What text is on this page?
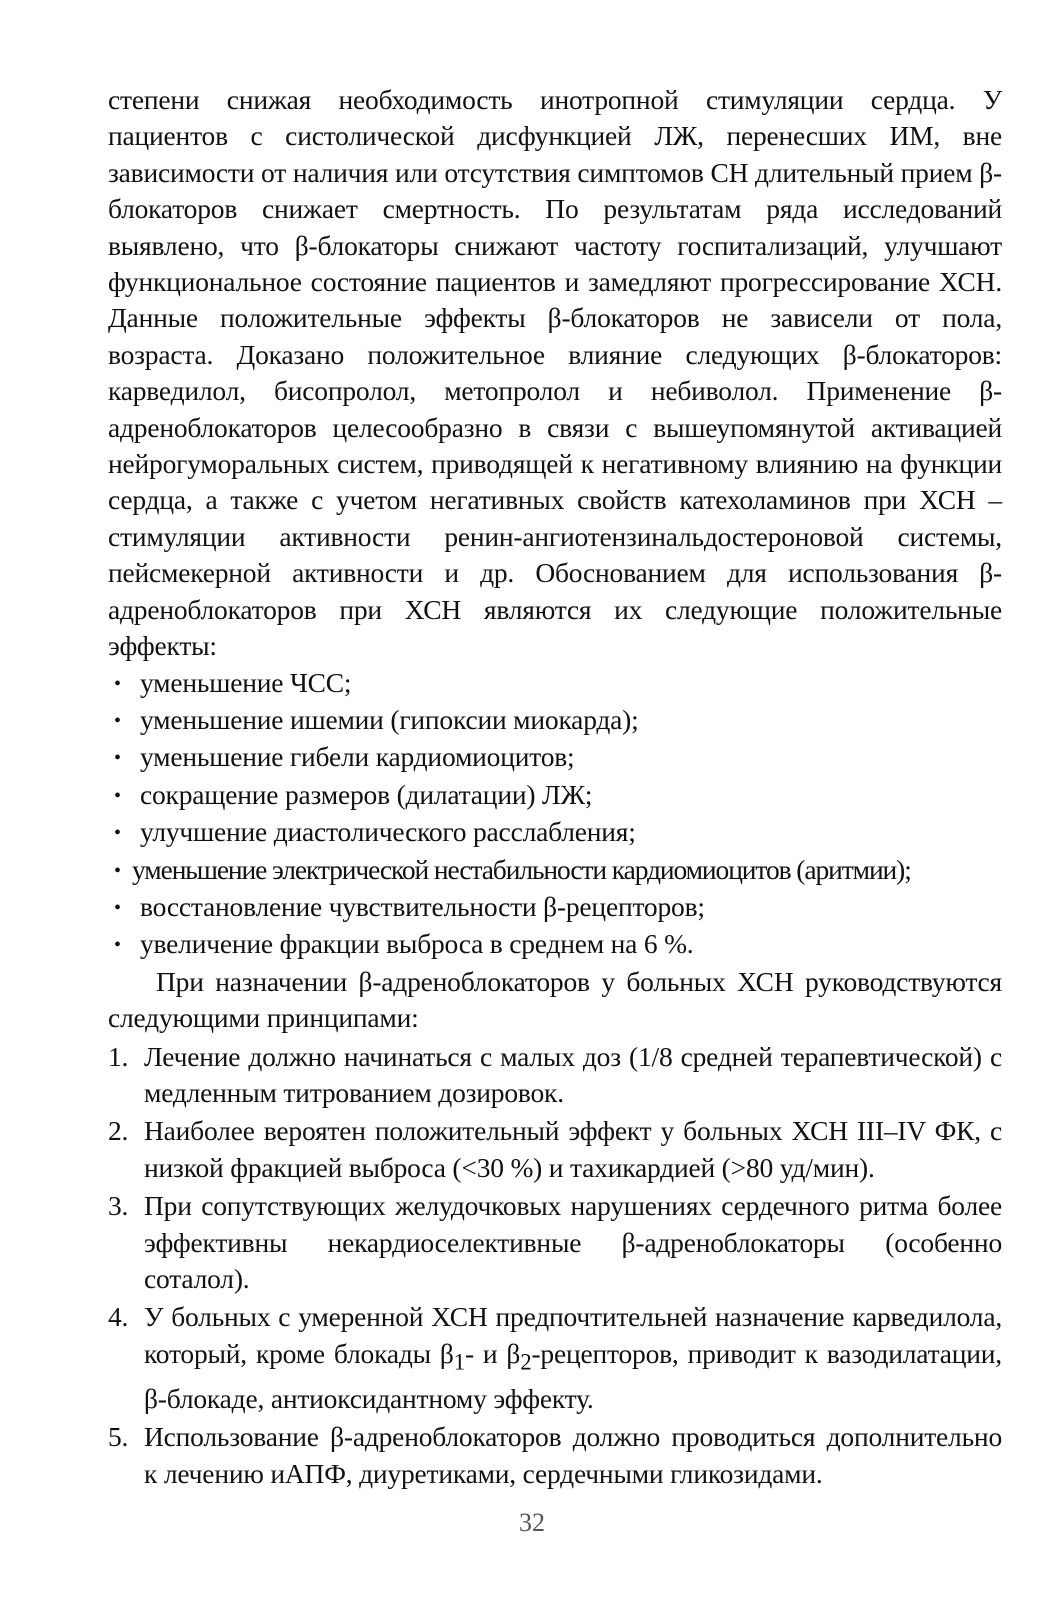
степени снижая необходимость инотропной стимуляции сердца. У пациентов с систолической дисфункцией ЛЖ, перенесших ИМ, вне зависимости от наличия или отсутствия симптомов СН длительный прием β-блокаторов снижает смертность. По результатам ряда исследований выявлено, что β-блокаторы снижают частоту госпитализаций, улучшают функциональное состояние пациентов и замедляют прогрессирование ХСН. Данные положительные эффекты β-блокаторов не зависели от пола, возраста. Доказано положительное влияние следующих β-блокаторов: карведилол, бисопролол, метопролол и небиволол. Применение β-адреноблокаторов целесообразно в связи с вышеупомянутой активацией нейрогуморальных систем, приводящей к негативному влиянию на функции сердца, а также с учетом негативных свойств катехоламинов при ХСН – стимуляции активности ренин-ангиотензинальдостероновой системы, пейсмекерной активности и др. Обоснованием для использования β-адреноблокаторов при ХСН являются их следующие положительные эффекты:

• уменьшение ЧСС;
• уменьшение ишемии (гипоксии миокарда);
• уменьшение гибели кардиомиоцитов;
• сокращение размеров (дилатации) ЛЖ;
• улучшение диастолического расслабления;
• уменьшение электрической нестабильности кардиомиоцитов (аритмии);
• восстановление чувствительности β-рецепторов;
• увеличение фракции выброса в среднем на 6 %.

При назначении β-адреноблокаторов у больных ХСН руководствуются следующими принципами:

1. Лечение должно начинаться с малых доз (1/8 средней терапевтической) с медленным титрованием дозировок.
2. Наиболее вероятен положительный эффект у больных ХСН III–IV ФК, с низкой фракцией выброса (<30 %) и тахикардией (>80 уд/мин).
3. При сопутствующих желудочковых нарушениях сердечного ритма более эффективны некардиоселективные β-адреноблокаторы (особенно соталол).
4. У больных с умеренной ХСН предпочтительней назначение карведилола, который, кроме блокады $\beta_1-$ и $\beta_2$-рецепторов, приводит к вазодилатации, β-блокаде, антиоксидантному эффекту.
5. Использование β-адреноблокаторов должно проводиться дополнительно к лечению иАПФ, диуретиками, сердечными гликозидами.
32
